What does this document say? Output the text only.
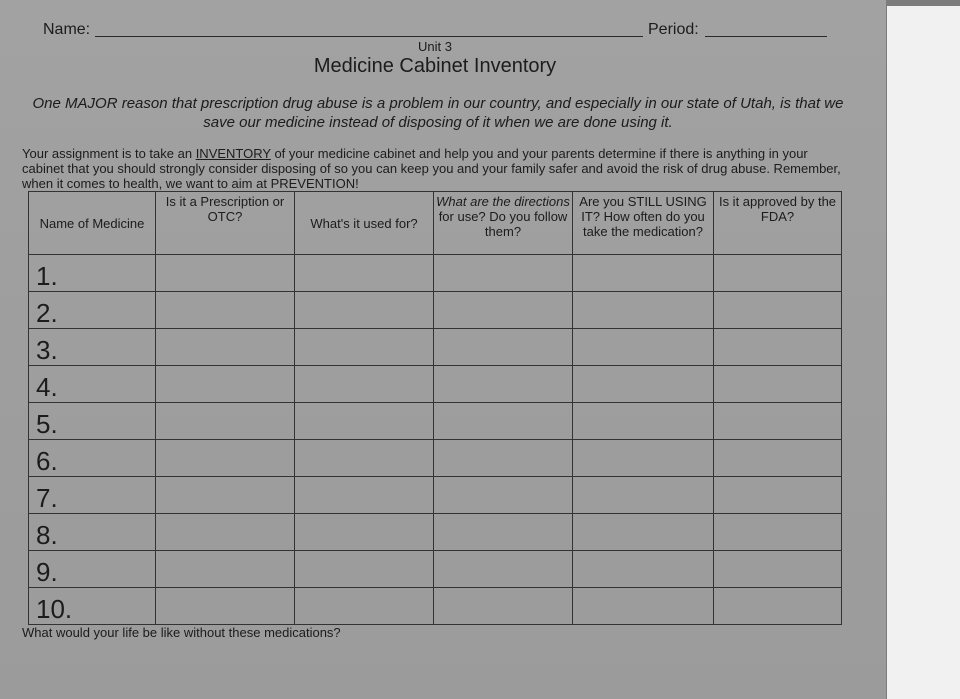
Name:	Period:
Unit 3
Medicine Cabinet Inventory
One MAJOR reason that prescription drug abuse is a problem in our country, and especially in our state of Utah, is that we save our medicine instead of disposing of it when we are done using it.
Your assignment is to take an INVENTORY of your medicine cabinet and help you and your parents determine if there is anything in your cabinet that you should strongly consider disposing of so you can keep you and your family safer and avoid the risk of drug abuse. Remember, when it comes to health, we want to aim at PREVENTION!
Name of Medicine	Is it a Prescription or OTC?	What's it used for?	What are the directions for use? Do you follow them?	Are you STILL USING IT? How often do you take the medication?	Is it approved by the FDA?

1.					
2.					
3.					
4.					
5.					
6.					
7.					
8.					
9.					
10.					
What would your life be like without these medications?
